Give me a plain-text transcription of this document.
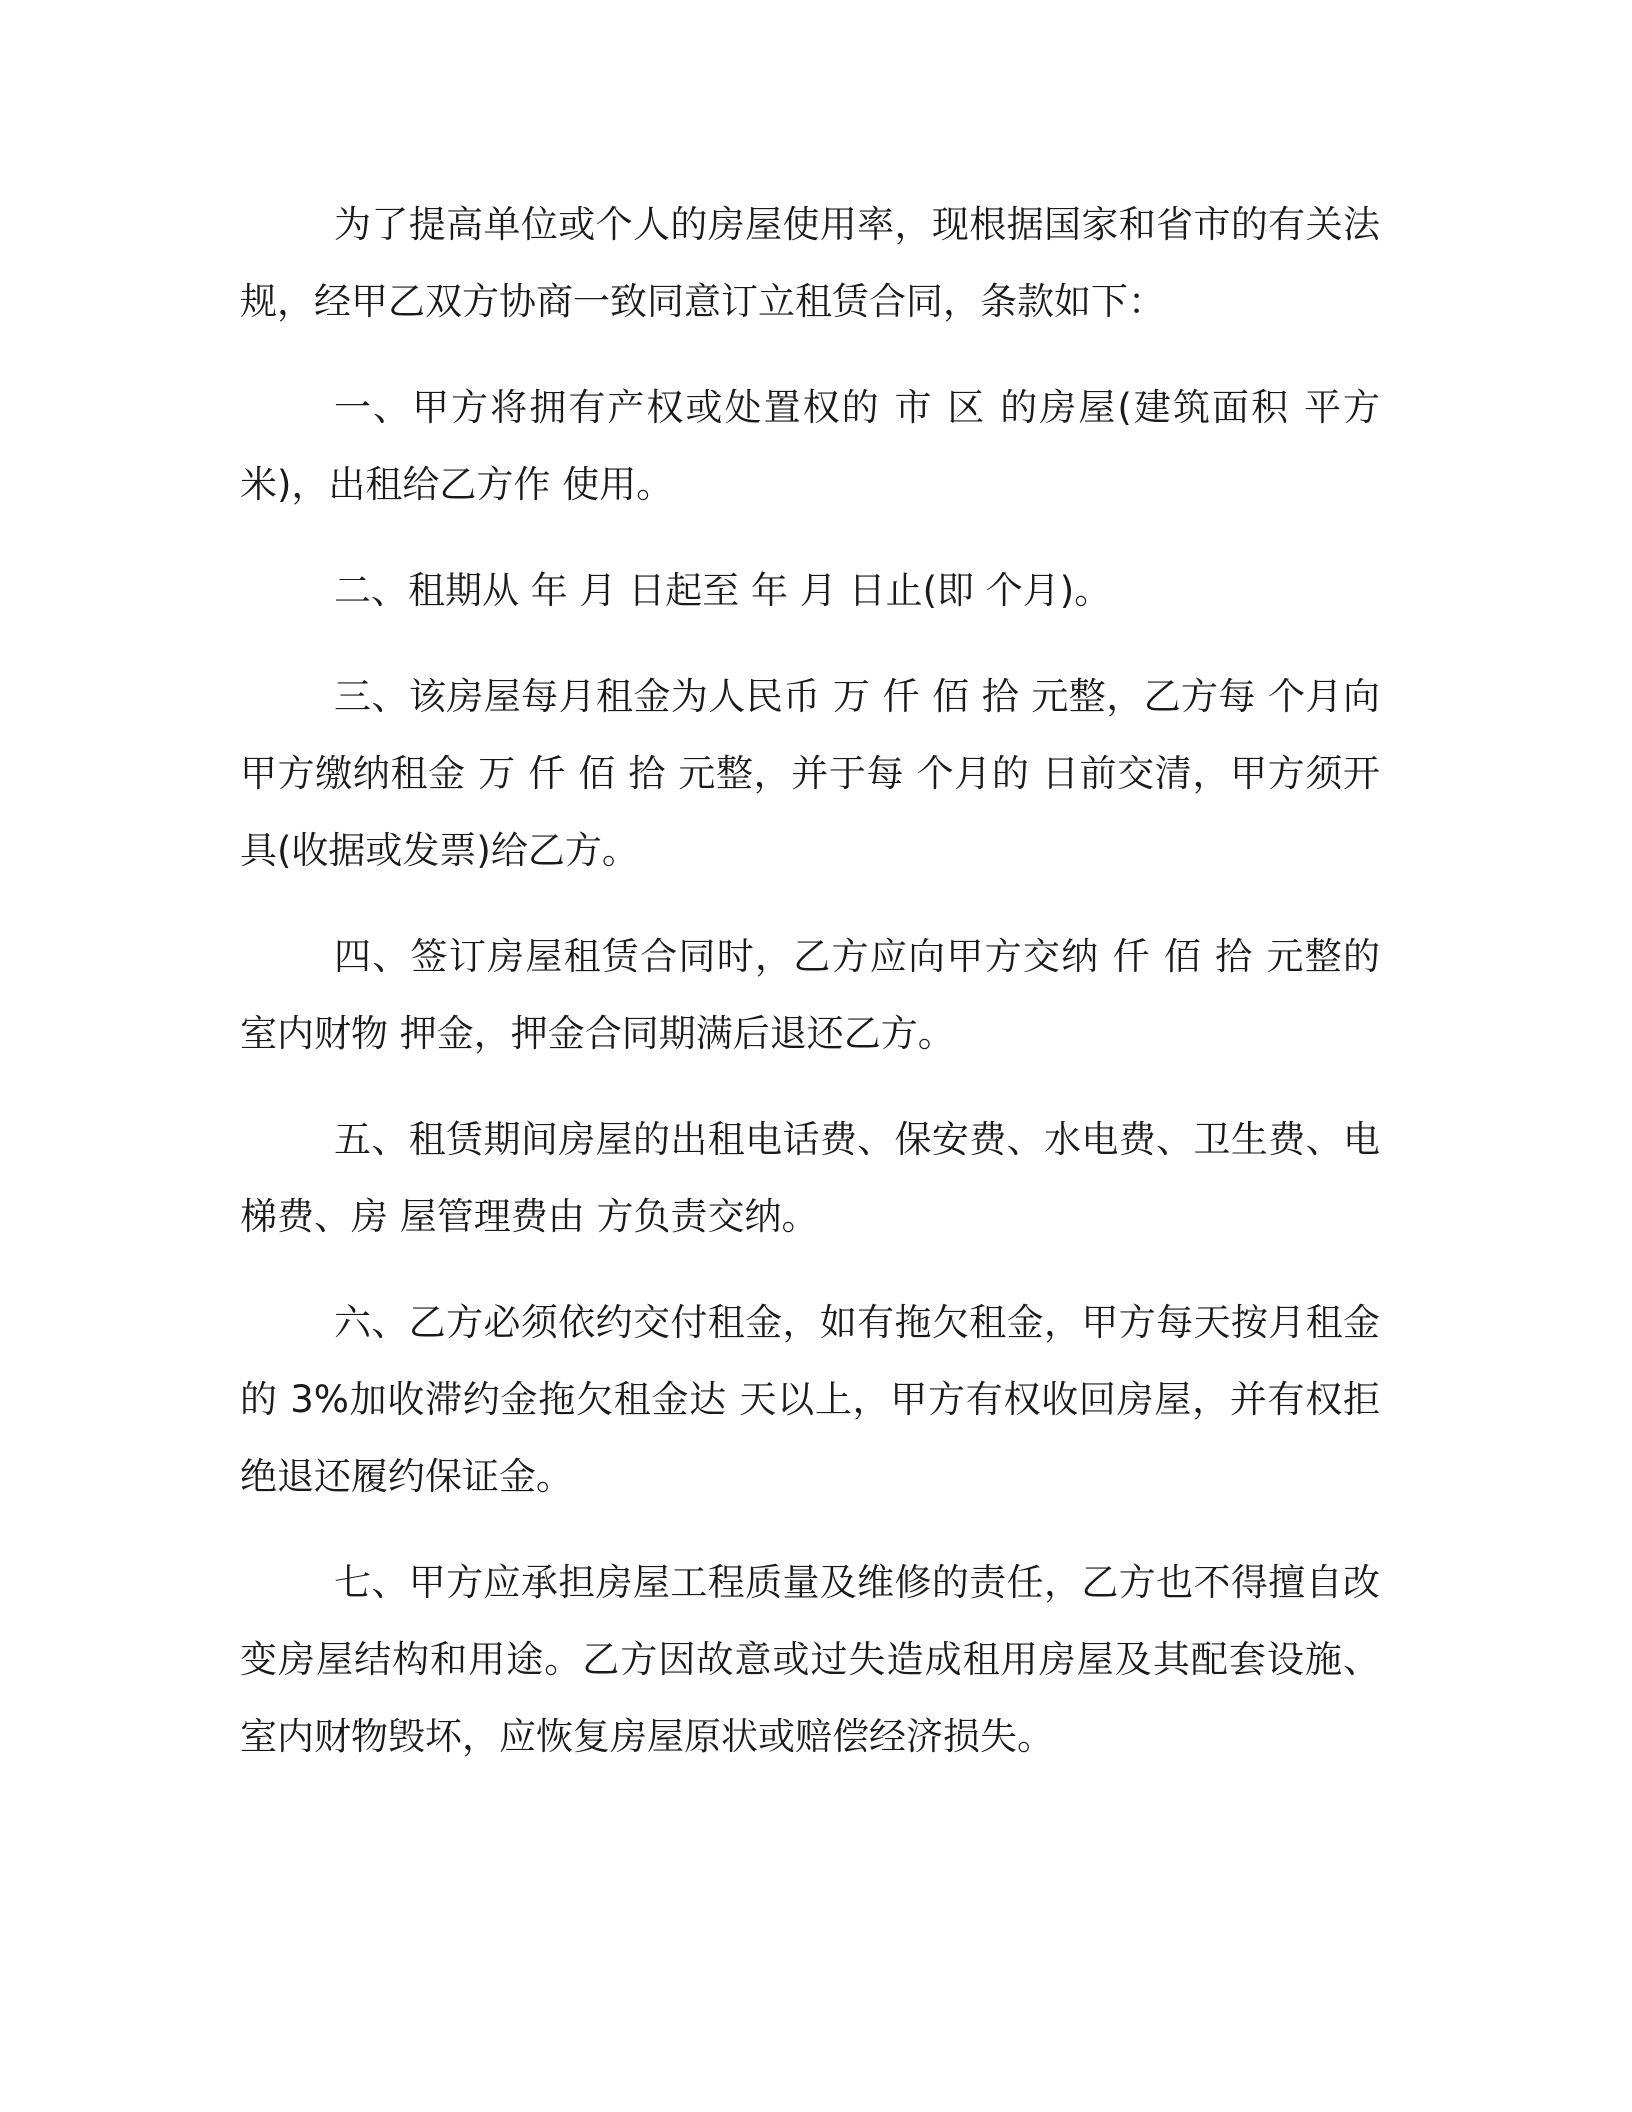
为了提高单位或个人的房屋使用率，现根据国家和省市的有关法规，经甲乙双方协商一致同意订立租赁合同，条款如下：

一、甲方将拥有产权或处置权的 市 区 的房屋(建筑面积 平方米)，出租给乙方作 使用。

二、租期从 年 月 日起至 年 月 日止(即 个月)。

三、该房屋每月租金为人民币 万 仟 佰 拾 元整，乙方每 个月向甲方缴纳租金 万 仟 佰 拾 元整，并于每 个月的 日前交清，甲方须开具(收据或发票)给乙方。

四、签订房屋租赁合同时，乙方应向甲方交纳 仟 佰 拾 元整的室内财物 押金，押金合同期满后退还乙方。

五、租赁期间房屋的出租电话费、保安费、水电费、卫生费、电梯费、房 屋管理费由 方负责交纳。

六、乙方必须依约交付租金，如有拖欠租金，甲方每天按月租金的 3%加收滞约金拖欠租金达 天以上，甲方有权收回房屋，并有权拒绝退还履约保证金。

七、甲方应承担房屋工程质量及维修的责任，乙方也不得擅自改变房屋结构和用途。乙方因故意或过失造成租用房屋及其配套设施、室内财物毁坏，应恢复房屋原状或赔偿经济损失。
